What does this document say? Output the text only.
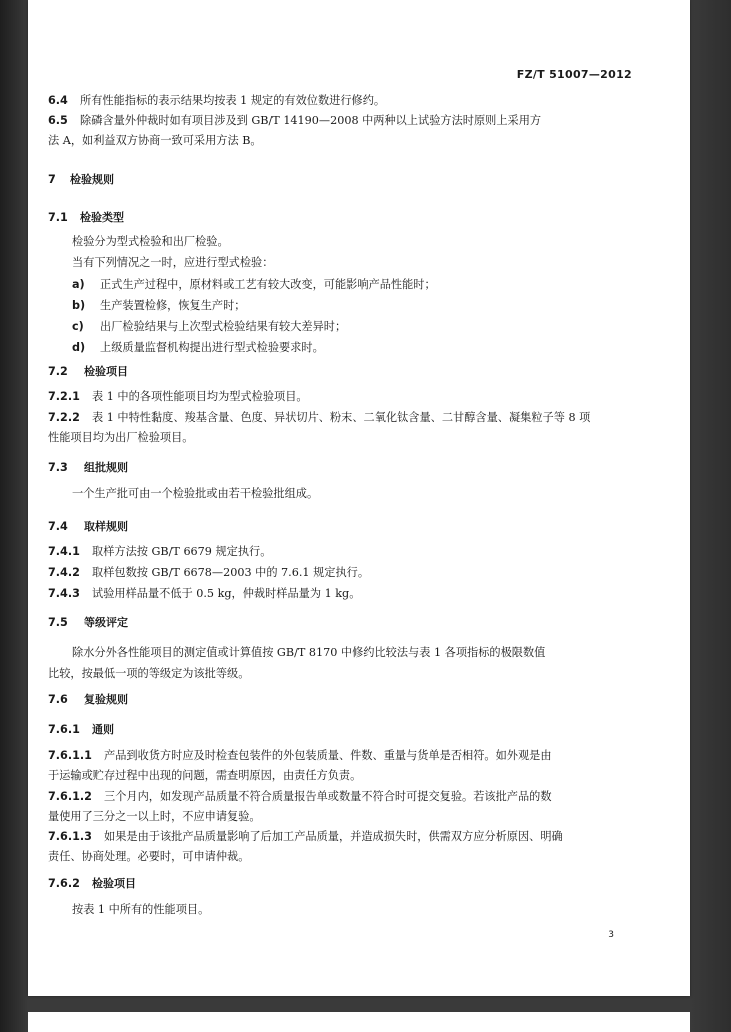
FZ/T 51007—2012
6.4 所有性能指标的表示结果均按表 1 规定的有效位数进行修约。
6.5 除磷含量外仲裁时如有项目涉及到 GB/T 14190—2008 中两种以上试验方法时原则上采用方
法 A，如利益双方协商一致可采用方法 B。
7 检验规则
7.1 检验类型
检验分为型式检验和出厂检验。
当有下列情况之一时，应进行型式检验：
a) 正式生产过程中，原材料或工艺有较大改变，可能影响产品性能时；
b) 生产装置检修，恢复生产时；
c) 出厂检验结果与上次型式检验结果有较大差异时；
d) 上级质量监督机构提出进行型式检验要求时。
7.2 检验项目
7.2.1 表 1 中的各项性能项目均为型式检验项目。
7.2.2 表 1 中特性黏度、羧基含量、色度、异状切片、粉末、二氧化钛含量、二甘醇含量、凝集粒子等 8 项
性能项目均为出厂检验项目。
7.3 组批规则
一个生产批可由一个检验批或由若干检验批组成。
7.4 取样规则
7.4.1 取样方法按 GB/T 6679 规定执行。
7.4.2 取样包数按 GB/T 6678—2003 中的 7.6.1 规定执行。
7.4.3 试验用样品量不低于 0.5 kg，仲裁时样品量为 1 kg。
7.5 等级评定
除水分外各性能项目的测定值或计算值按 GB/T 8170 中修约比较法与表 1 各项指标的极限数值
比较，按最低一项的等级定为该批等级。
7.6 复验规则
7.6.1 通则
7.6.1.1 产品到收货方时应及时检查包装件的外包装质量、件数、重量与货单是否相符。如外观是由
于运输或贮存过程中出现的问题，需查明原因，由责任方负责。
7.6.1.2 三个月内，如发现产品质量不符合质量报告单或数量不符合时可提交复验。若该批产品的数
量使用了三分之一以上时，不应申请复验。
7.6.1.3 如果是由于该批产品质量影响了后加工产品质量，并造成损失时，供需双方应分析原因、明确
责任、协商处理。必要时，可申请仲裁。
7.6.2 检验项目
按表 1 中所有的性能项目。
3
